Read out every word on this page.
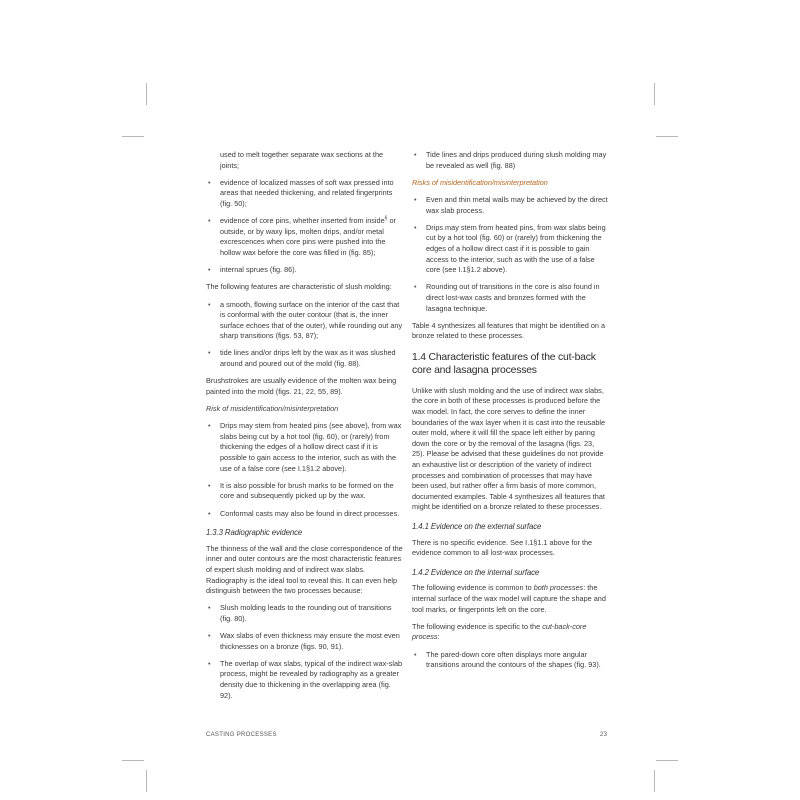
used to melt together separate wax sections at the joints;
• evidence of localized masses of soft wax pressed into areas that needed thickening, and related fingerprints (fig. 50);
• evidence of core pins, whether inserted from inside$^6$ or outside, or by waxy lips, molten drips, and/or metal excrescences when core pins were pushed into the hollow wax before the core was filled in (fig. 85);
• internal sprues (fig. 86).

The following features are characteristic of slush molding:

• a smooth, flowing surface on the interior of the cast that is conformal with the outer contour (that is, the inner surface echoes that of the outer), while rounding out any sharp transitions (figs. 53, 87);
• tide lines and/or drips left by the wax as it was slushed around and poured out of the mold (fig. 88).

Brushstrokes are usually evidence of the molten wax being painted into the mold (figs. 21, 22, 55, 89).

Risk of misidentification/misinterpretation

• Drips may stem from heated pins (see above), from wax slabs being cut by a hot tool (fig. 60), or (rarely) from thickening the edges of a hollow direct cast if it is possible to gain access to the interior, such as with the use of a false core (see I.1§1.2 above).
• It is also possible for brush marks to be formed on the core and subsequently picked up by the wax.
• Conformal casts may also be found in direct processes.
1.3.3 Radiographic evidence

The thinness of the wall and the close correspondence of the inner and outer contours are the most characteristic features of expert slush molding and of indirect wax slabs. Radiography is the ideal tool to reveal this. It can even help distinguish between the two processes because:

• Slush molding leads to the rounding out of transitions (fig. 80).
• Wax slabs of even thickness may ensure the most even thicknesses on a bronze (figs. 90, 91).
• The overlap of wax slabs, typical of the indirect wax-slab process, might be revealed by radiography as a greater density due to thickening in the overlapping area (fig. 92).
• Tide lines and drips produced during slush molding may be revealed as well (fig. 88)

Risks of misidentification/misinterpretation

• Even and thin metal walls may be achieved by the direct wax slab process.
• Drips may stem from heated pins, from wax slabs being cut by a hot tool (fig. 60) or (rarely) from thickening the edges of a hollow direct cast if it is possible to gain access to the interior, such as with the use of a false core (see I.1§1.2 above).
• Rounding out of transitions in the core is also found in direct lost-wax casts and bronzes formed with the lasagna technique.

Table 4 synthesizes all features that might be identified on a bronze related to these processes.

1.4 Characteristic features of the cut-back core and lasagna processes

Unlike with slush molding and the use of indirect wax slabs, the core in both of these processes is produced before the wax model. In fact, the core serves to define the inner boundaries of the wax layer when it is cast into the reusable outer mold, where it will fill the space left either by paring down the core or by the removal of the lasagna (figs. 23, 25). Please be advised that these guidelines do not provide an exhaustive list or description of the variety of indirect processes and combination of processes that may have been used, but rather offer a firm basis of more common, documented examples. Table 4 synthesizes all features that might be identified on a bronze related to these processes.

1.4.1 Evidence on the external surface

There is no specific evidence. See I.1§1.1 above for the evidence common to all lost-wax processes.

1.4.2 Evidence on the internal surface

The following evidence is common to both processes: the internal surface of the wax model will capture the shape and tool marks, or fingerprints left on the core.

The following evidence is specific to the cut-back-core process:

• The pared-down core often displays more angular transitions around the contours of the shapes (fig. 93).
CASTING PROCESSES	23
